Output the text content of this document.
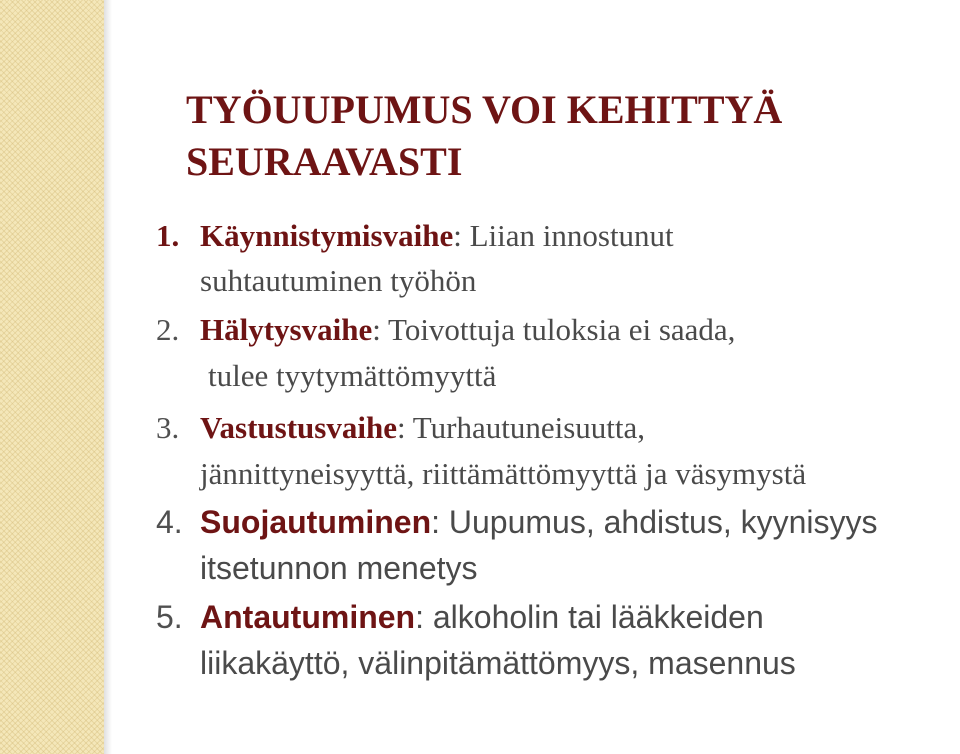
TYÖUUPUMUS VOI KEHITTYÄ SEURAAVASTI
1. Käynnistymisvaihe: Liian innostunut
suhtautuminen työhön
2. Hälytysvaihe: Toivottuja tuloksia ei saada,
tulee tyytymättömyyttä
3. Vastustusvaihe: Turhautuneisuutta,
jännittyneisyyttä, riittämättömyyttä ja väsymystä
4. Suojautuminen: Uupumus, ahdistus, kyynisyys
itsetunnon menetys
5. Antautuminen: alkoholin tai lääkkeiden
liikakäyttö, välinpitämättömyys, masennus
